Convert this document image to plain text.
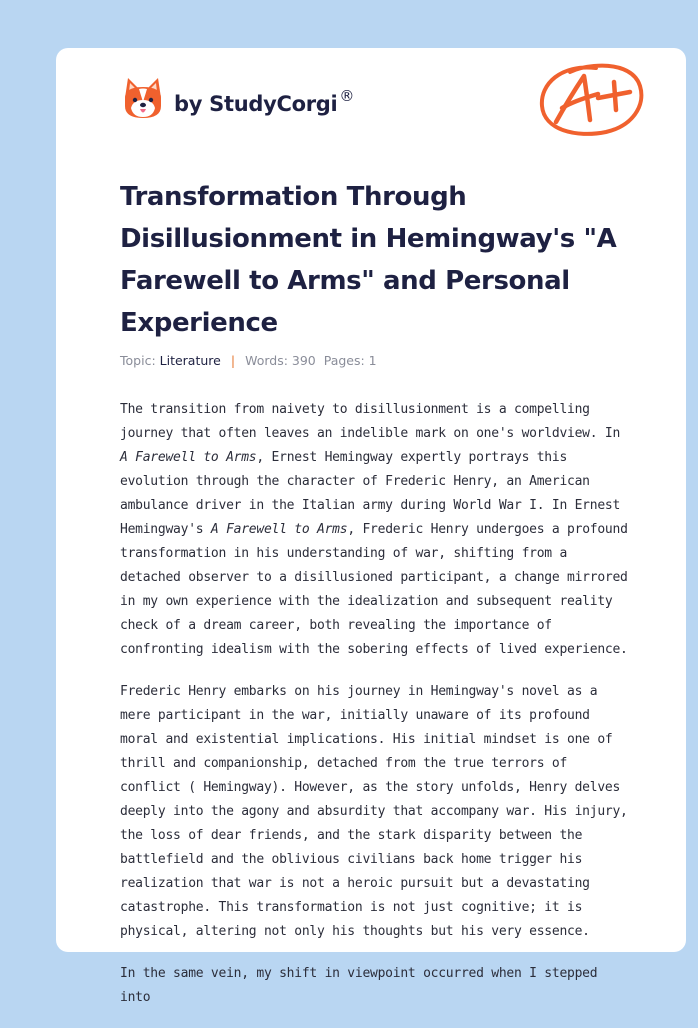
by StudyCorgi ®
Transformation Through Disillusionment in Hemingway's "A Farewell to Arms" and Personal Experience
Topic: Literature | Words: 390 Pages: 1

The transition from naivety to disillusionment is a compelling journey that often leaves an indelible mark on one's worldview. In A Farewell to Arms, Ernest Hemingway expertly portrays this evolution through the character of Frederic Henry, an American ambulance driver in the Italian army during World War I. In Ernest Hemingway's A Farewell to Arms, Frederic Henry undergoes a profound transformation in his understanding of war, shifting from a detached observer to a disillusioned participant, a change mirrored in my own experience with the idealization and subsequent reality check of a dream career, both revealing the importance of confronting idealism with the sobering effects of lived experience.

Frederic Henry embarks on his journey in Hemingway's novel as a mere participant in the war, initially unaware of its profound moral and existential implications. His initial mindset is one of thrill and companionship, detached from the true terrors of conflict ( Hemingway). However, as the story unfolds, Henry delves deeply into the agony and absurdity that accompany war. His injury, the loss of dear friends, and the stark disparity between the battlefield and the oblivious civilians back home trigger his realization that war is not a heroic pursuit but a devastating catastrophe. This transformation is not just cognitive; it is physical, altering not only his thoughts but his very essence.

In the same vein, my shift in viewpoint occurred when I stepped into
